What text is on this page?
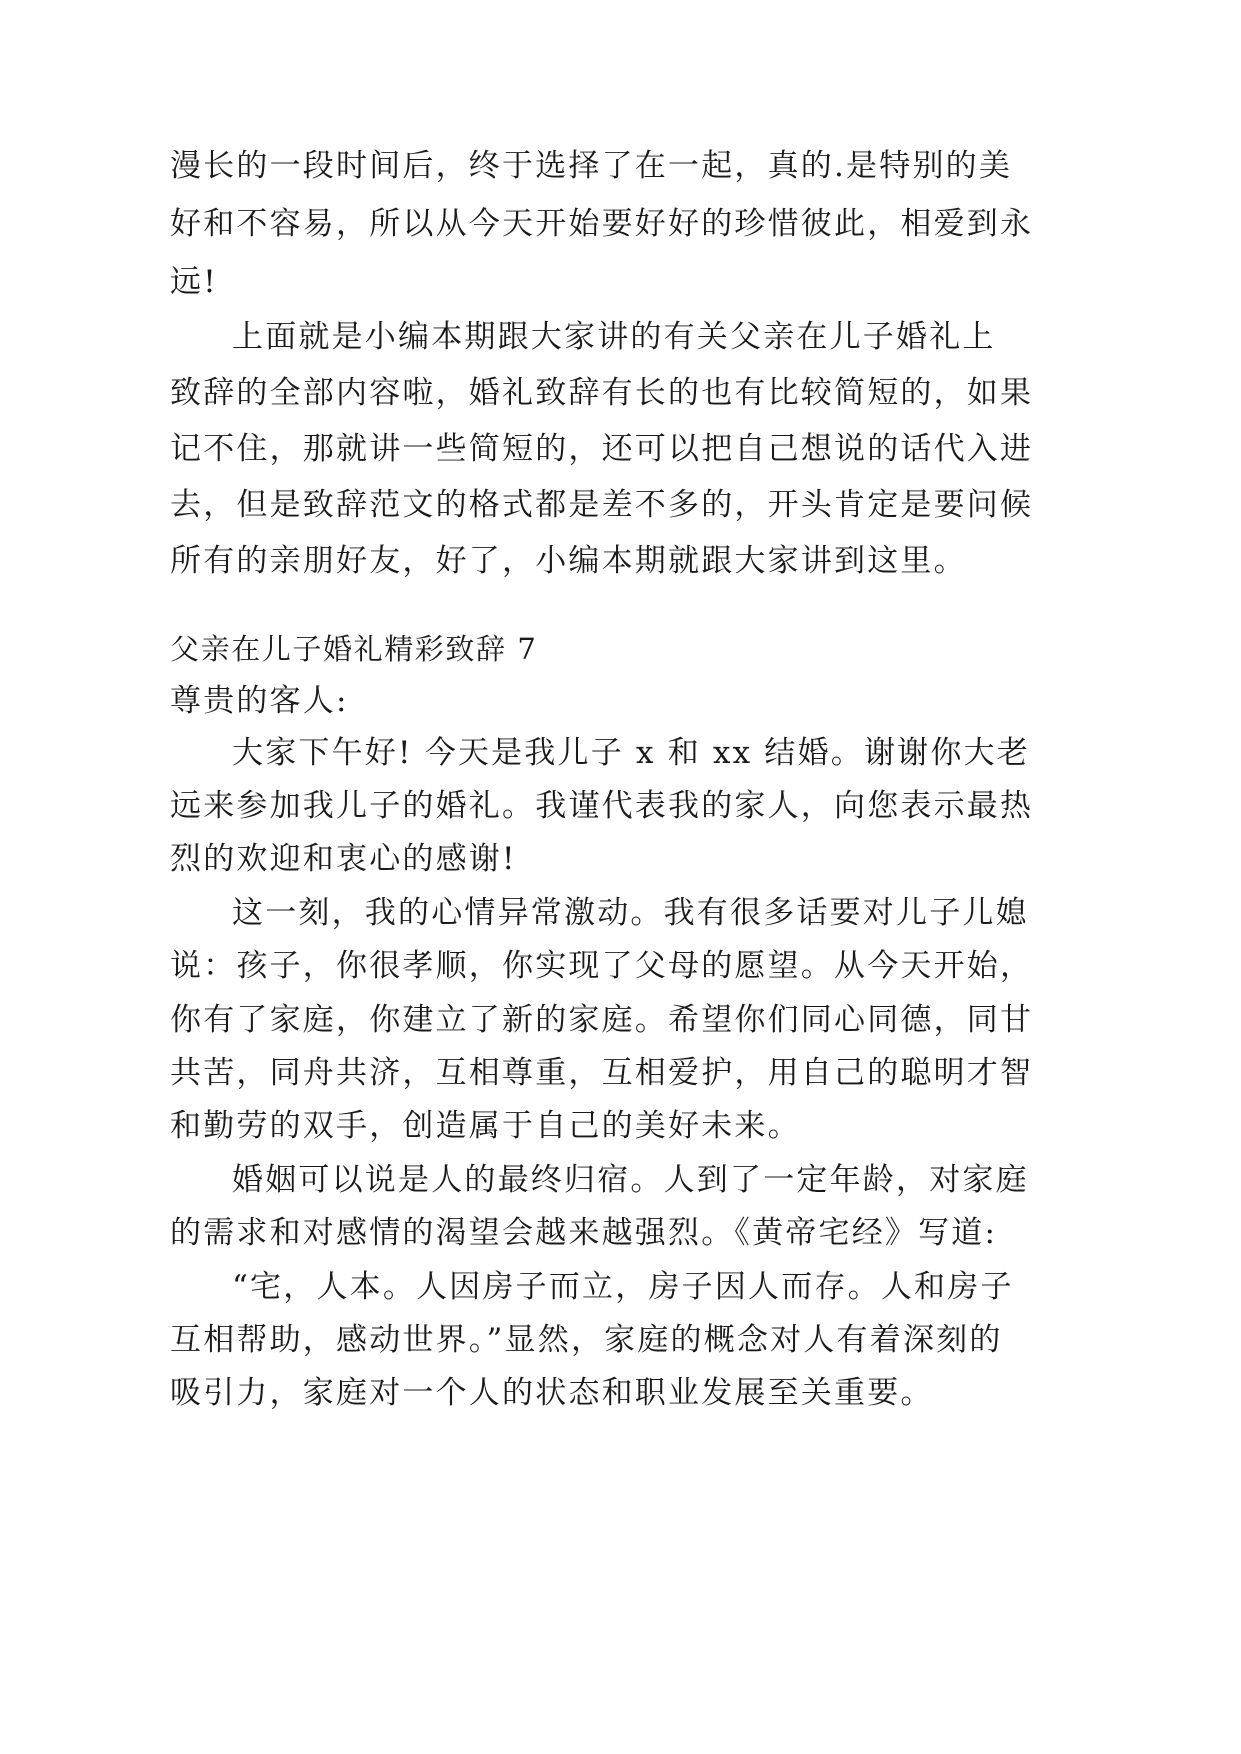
漫长的一段时间后，终于选择了在一起，真的.是特别的美
好和不容易，所以从今天开始要好好的珍惜彼此，相爱到永
远!
上面就是小编本期跟大家讲的有关父亲在儿子婚礼上
致辞的全部内容啦，婚礼致辞有长的也有比较简短的，如果
记不住，那就讲一些简短的，还可以把自己想说的话代入进
去，但是致辞范文的格式都是差不多的，开头肯定是要问候
所有的亲朋好友，好了，小编本期就跟大家讲到这里。
父亲在儿子婚礼精彩致辞 7
尊贵的客人:
大家下午好! 今天是我儿子 x 和 xx 结婚。谢谢你大老
远来参加我儿子的婚礼。我谨代表我的家人，向您表示最热
烈的欢迎和衷心的感谢!
这一刻，我的心情异常激动。我有很多话要对儿子儿媳
说：孩子，你很孝顺，你实现了父母的愿望。从今天开始，
你有了家庭，你建立了新的家庭。希望你们同心同德，同甘
共苦，同舟共济，互相尊重，互相爱护，用自己的聪明才智
和勤劳的双手，创造属于自己的美好未来。
婚姻可以说是人的最终归宿。人到了一定年龄，对家庭
的需求和对感情的渴望会越来越强烈。《黄帝宅经》写道:
“宅，人本。人因房子而立，房子因人而存。人和房子
互相帮助，感动世界。”显然，家庭的概念对人有着深刻的
吸引力，家庭对一个人的状态和职业发展至关重要。
